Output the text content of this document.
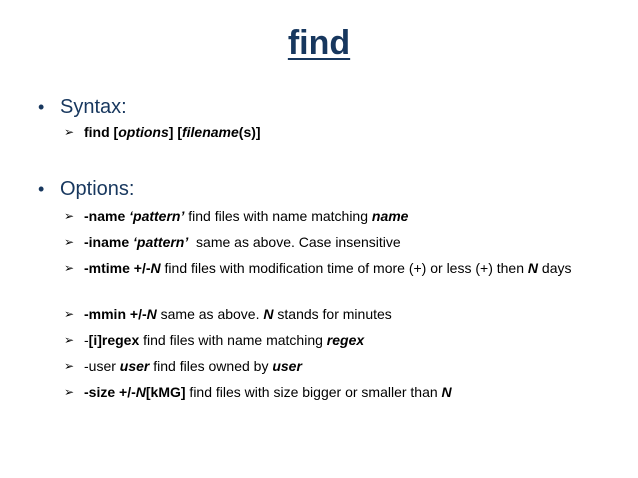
find
• Syntax:
➢ find [options] [filename(s)]
• Options:
➢ -name ‘pattern’ find files with name matching name
➢ -iname ‘pattern’  same as above. Case insensitive
➢ -mtime +/-N find files with modification time of more (+) or less (+) then N days
➢ -mmin +/-N same as above. N stands for minutes
➢ -[i]regex find files with name matching regex
➢ -user user find files owned by user
➢ -size +/-N[kMG] find files with size bigger or smaller than N
